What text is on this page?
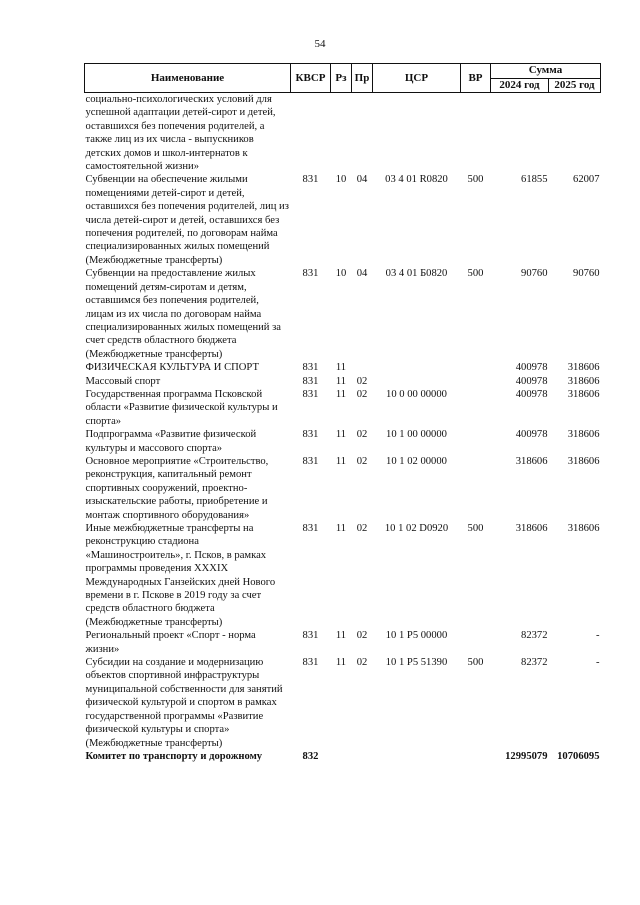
54
Наименование	КВСР	Рз	Пр	ЦСР	ВР	Сумма	
						2024 год	2025 год
социально-психологических условий для успешной адаптации детей-сирот и детей, оставшихся без попечения родителей, а также лиц из их числа - выпускников детских домов и школ-интернатов к самостоятельной жизни»							
Субвенции на обеспечение жилыми помещениями детей-сирот и детей, оставшихся без попечения родителей, лиц из числа детей-сирот и детей, оставшихся без попечения родителей, по договорам найма специализированных жилых помещений (Межбюджетные трансферты)	831	10	04	03 4 01 R0820	500	61855	62007
Субвенции на предоставление жилых помещений детям-сиротам и детям, оставшимся без попечения родителей, лицам из их числа по договорам найма специализированных жилых помещений за счет средств областного бюджета (Межбюджетные трансферты)	831	10	04	03 4 01 Б0820	500	90760	90760
ФИЗИЧЕСКАЯ КУЛЬТУРА И СПОРТ	831	11				400978	318606
Массовый спорт	831	11	02			400978	318606
Государственная программа Псковской области «Развитие физической культуры и спорта»	831	11	02	10 0 00 00000		400978	318606
Подпрограмма «Развитие физической культуры и массового спорта»	831	11	02	10 1 00 00000		400978	318606
Основное мероприятие «Строительство, реконструкция, капитальный ремонт спортивных сооружений, проектно-изыскательские работы, приобретение и монтаж спортивного оборудования»	831	11	02	10 1 02 00000		318606	318606
Иные межбюджетные трансферты на реконструкцию стадиона «Машиностроитель», г. Псков, в рамках программы проведения XXXIX Международных Ганзейских дней Нового времени в г. Пскове в 2019 году за счет средств областного бюджета (Межбюджетные трансферты)	831	11	02	10 1 02 D0920	500	318606	318606
Региональный проект «Спорт - норма жизни»	831	11	02	10 1 P5 00000		82372	-
Субсидии на создание и модернизацию объектов спортивной инфраструктуры муниципальной собственности для занятий физической культурой и спортом в рамках государственной программы «Развитие физической культуры и спорта» (Межбюджетные трансферты)	831	11	02	10 1 P5 51390	500	82372	-
Комитет по транспорту и дорожному	832					12995079	10706095
